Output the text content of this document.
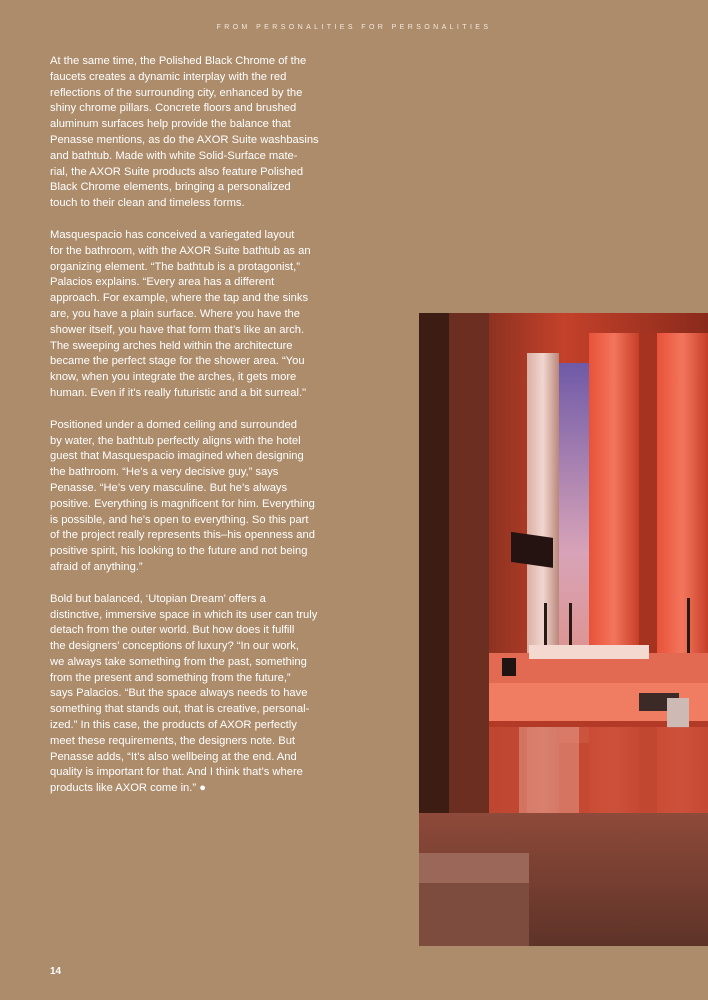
FROM PERSONALITIES FOR PERSONALITIES

At the same time, the Polished Black Chrome of the
faucets creates a dynamic interplay with the red
reflections of the surrounding city, enhanced by the
shiny chrome pillars. Concrete floors and brushed
aluminum surfaces help provide the balance that
Penasse mentions, as do the AXOR Suite washbasins
and bathtub. Made with white Solid-Surface mate-
rial, the AXOR Suite products also feature Polished
Black Chrome elements, bringing a personalized
touch to their clean and timeless forms.

Masquespacio has conceived a variegated layout
for the bathroom, with the AXOR Suite bathtub as an
organizing element. “The bathtub is a protagonist,”
Palacios explains. “Every area has a different
approach. For example, where the tap and the sinks
are, you have a plain surface. Where you have the
shower itself, you have that form that’s like an arch.
The sweeping arches held within the architecture
became the perfect stage for the shower area. “You
know, when you integrate the arches, it gets more
human. Even if it's really futuristic and a bit surreal."

Positioned under a domed ceiling and surrounded
by water, the bathtub perfectly aligns with the hotel
guest that Masquespacio imagined when designing
the bathroom. “He’s a very decisive guy,” says
Penasse. “He’s very masculine. But he’s always
positive. Everything is magnificent for him. Everything
is possible, and he’s open to everything. So this part
of the project really represents this–his openness and
positive spirit, his looking to the future and not being
afraid of anything.”

Bold but balanced, ‘Utopian Dream’ offers a
distinctive, immersive space in which its user can truly
detach from the outer world. But how does it fulfill
the designers’ conceptions of luxury? “In our work,
we always take something from the past, something
from the present and something from the future,”
says Palacios. “But the space always needs to have
something that stands out, that is creative, personal-
ized.” In this case, the products of AXOR perfectly
meet these requirements, the designers note. But
Penasse adds, “It’s also wellbeing at the end. And
quality is important for that. And I think that’s where
products like AXOR come in.” ●

14
